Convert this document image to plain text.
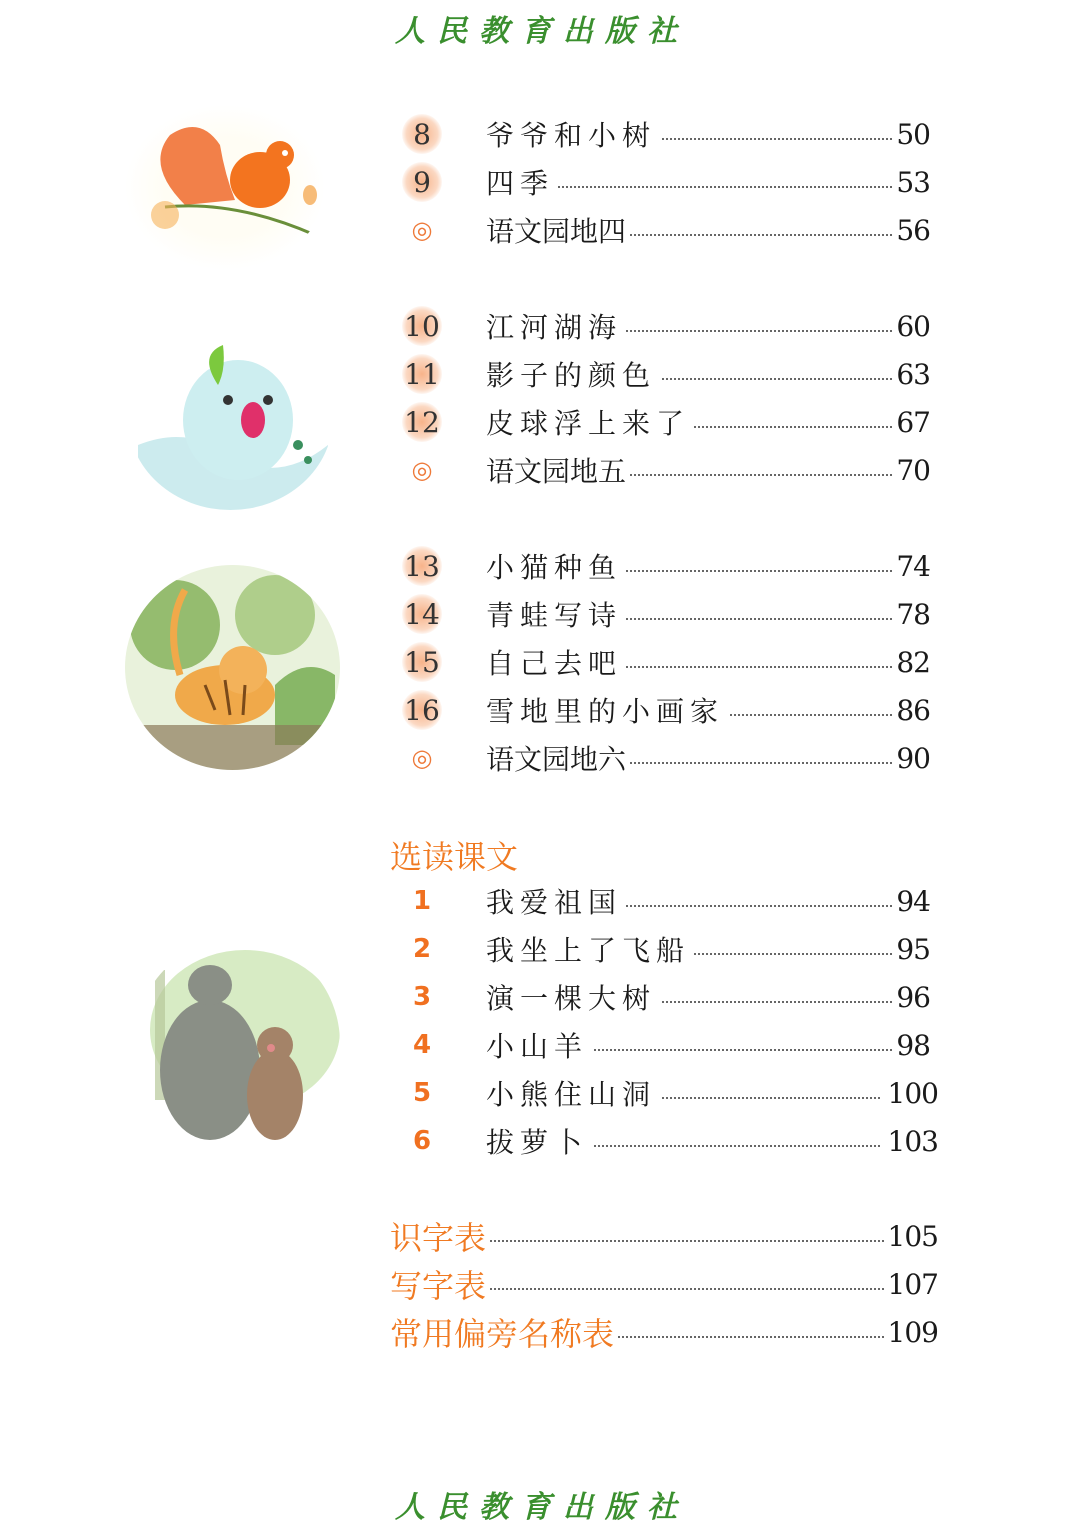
人民教育出版社
8	爷爷和小树	50
9	四季	53
◎	语文园地四	56
10 江河湖海	60
11 影子的颜色	63
12 皮球浮上来了	67
◎	语文园地五	70
13 小猫种鱼	74
14 青蛙写诗	78
15 自己去吧	82
16 雪地里的小画家	86
◎	语文园地六	90
选读课文
1	我爱祖国	94
2	我坐上了飞船	95
3	演一棵大树	96
4	小山羊	98
5	小熊住山洞	100
6	拔萝卜	103
识字表	105
写字表	107
常用偏旁名称表	109
人民教育出版社
